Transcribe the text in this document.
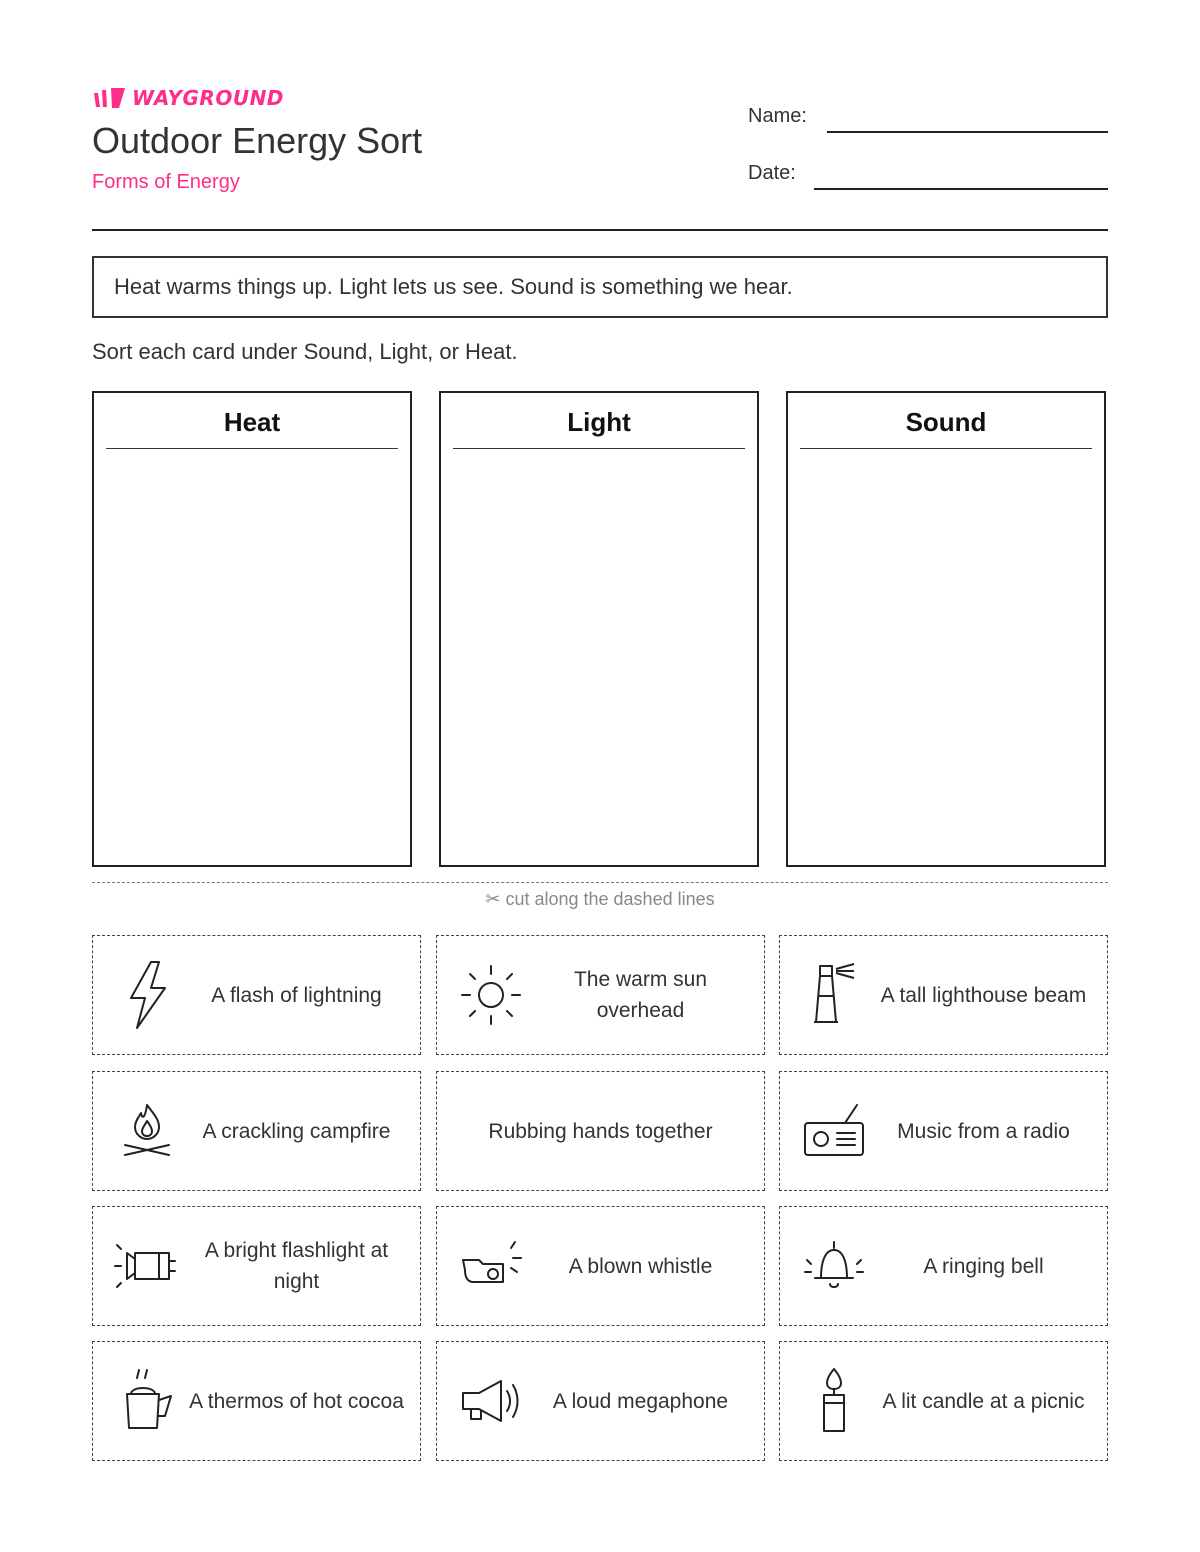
WAYGROUND
Outdoor Energy Sort
Forms of Energy
Name:
Date:
Heat warms things up. Light lets us see. Sound is something we hear.
Sort each card under Sound, Light, or Heat.
Heat	Light	Sound
✂ cut along the dashed lines
A flash of lightning
The warm sun overhead
A tall lighthouse beam
A crackling campfire	Rubbing hands together	Music from a radio
A bright flashlight at night
A blown whistle	A ringing bell
A thermos of hot cocoa	A loud megaphone	A lit candle at a picnic
